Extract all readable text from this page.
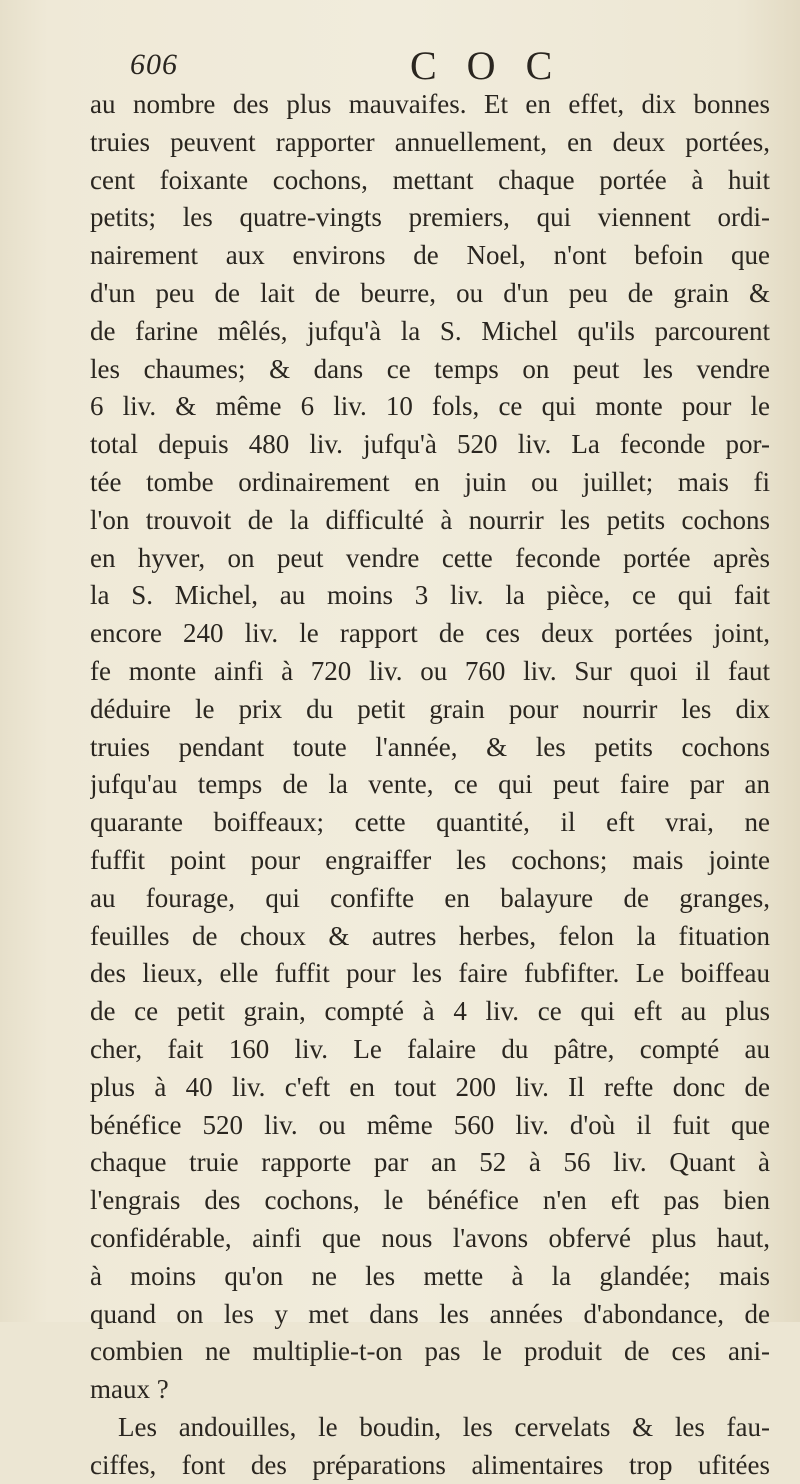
606	C O C
au nombre des plus mauvaifes. Et en effet, dix bonnes
truies peuvent rapporter annuellement, en deux portées,
cent foixante cochons, mettant chaque portée à huit
petits; les quatre-vingts premiers, qui viennent ordi-
nairement aux environs de Noel, n'ont befoin que
d'un peu de lait de beurre, ou d'un peu de grain &
de farine mêlés, jufqu'à la S. Michel qu'ils parcourent
les chaumes; & dans ce temps on peut les vendre
6 liv. & même 6 liv. 10 fols, ce qui monte pour le
total depuis 480 liv. jufqu'à 520 liv. La feconde por-
tée tombe ordinairement en juin ou juillet; mais fi
l'on trouvoit de la difficulté à nourrir les petits cochons
en hyver, on peut vendre cette feconde portée après
la S. Michel, au moins 3 liv. la pièce, ce qui fait
encore 240 liv. le rapport de ces deux portées joint,
fe monte ainfi à 720 liv. ou 760 liv. Sur quoi il faut
déduire le prix du petit grain pour nourrir les dix
truies pendant toute l'année, & les petits cochons
jufqu'au temps de la vente, ce qui peut faire par an
quarante boiffeaux; cette quantité, il eft vrai, ne
fuffit point pour engraiffer les cochons; mais jointe
au fourage, qui confifte en balayure de granges,
feuilles de choux & autres herbes, felon la fituation
des lieux, elle fuffit pour les faire fubfifter. Le boiffeau
de ce petit grain, compté à 4 liv. ce qui eft au plus
cher, fait 160 liv. Le falaire du pâtre, compté au
plus à 40 liv. c'eft en tout 200 liv. Il refte donc de
bénéfice 520 liv. ou même 560 liv. d'où il fuit que
chaque truie rapporte par an 52 à 56 liv. Quant à
l'engrais des cochons, le bénéfice n'en eft pas bien
confidérable, ainfi que nous l'avons obfervé plus haut,
à moins qu'on ne les mette à la glandée; mais
quand on les y met dans les années d'abondance, de
combien ne multiplie-t-on pas le produit de ces ani-
maux ?
Les andouilles, le boudin, les cervelats & les fau-
ciffes, font des préparations alimentaires trop ufitées
